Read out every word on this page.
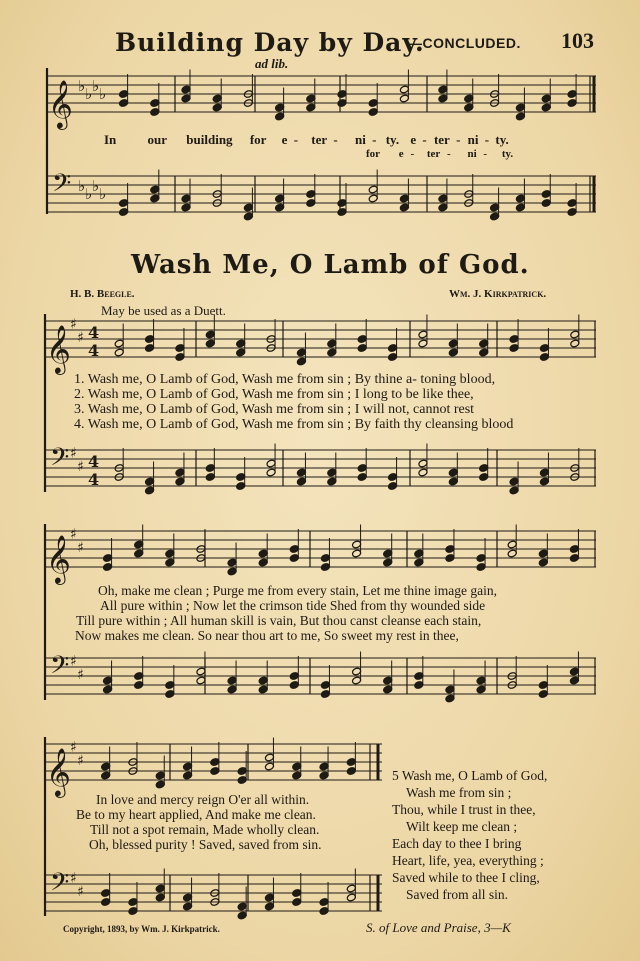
Building Day by Day.
—CONCLUDED. 103
ad lib.
𝄞
𝄢
♭ ♭ ♭ ♭
♭ ♭ ♭ ♭
𝄞
𝄢
♯
♯
♯
♯
4
4
4
4
𝄞
𝄢
♯
♯
♯
♯
𝄞
𝄢
♯
♯
♯
♯
In our building for e - ter - ni - ty. e - ter - ni - ty.
for e - ter - ni - ty.
Wash Me, O Lamb of God.
H. B. Beegle.	Wm. J. Kirkpatrick.
May be used as a Duett.
1. Wash me, O Lamb of God, Wash me from sin ; By thine a- toning blood,
2. Wash me, O Lamb of God, Wash me from sin ; I long to be like thee,
3. Wash me, O Lamb of God, Wash me from sin ; I will not, cannot rest
4. Wash me, O Lamb of God, Wash me from sin ; By faith thy cleansing blood
Oh, make me clean ; Purge me from every stain, Let me thine image gain,
All pure within ; Now let the crimson tide Shed from thy wounded side
Till pure within ; All human skill is vain, But thou canst cleanse each stain,
Now makes me clean. So near thou art to me, So sweet my rest in thee,
In love and mercy reign O'er all within.
Be to my heart applied, And make me clean.
Till not a spot remain, Made wholly clean.
Oh, blessed purity ! Saved, saved from sin.
5 Wash me, O Lamb of God,
Wash me from sin ;
Thou, while I trust in thee,
Wilt keep me clean ;
Each day to thee I bring
Heart, life, yea, everything ;
Saved while to thee I cling,
Saved from all sin.
Copyright, 1893, by Wm. J. Kirkpatrick.	S. of Love and Praise, 3—K
